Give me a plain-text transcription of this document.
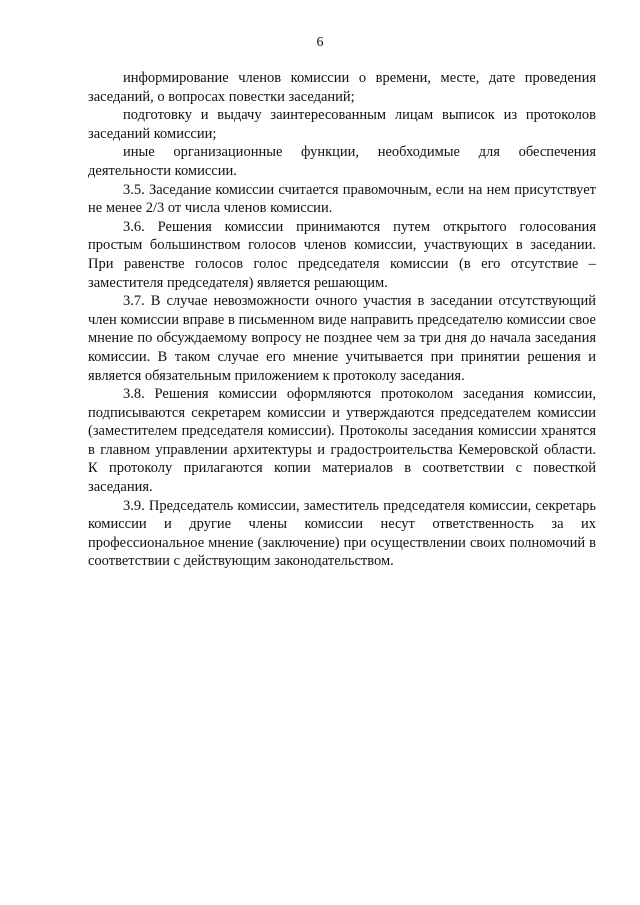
6

информирование членов комиссии о времени, месте, дате проведения заседаний, о вопросах повестки заседаний;

подготовку и выдачу заинтересованным лицам выписок из протоколов заседаний комиссии;

иные организационные функции, необходимые для обеспечения деятельности комиссии.

3.5. Заседание комиссии считается правомочным, если на нем присутствует не менее 2/3 от числа членов комиссии.

3.6. Решения комиссии принимаются путем открытого голосования простым большинством голосов членов комиссии, участвующих в заседании. При равенстве голосов голос председателя комиссии (в его отсутствие – заместителя председателя) является решающим.

3.7. В случае невозможности очного участия в заседании отсутствующий член комиссии вправе в письменном виде направить председателю комиссии свое мнение по обсуждаемому вопросу не позднее чем за три дня до начала заседания комиссии. В таком случае его мнение учитывается при принятии решения и является обязательным приложением к протоколу заседания.

3.8. Решения комиссии оформляются протоколом заседания комиссии, подписываются секретарем комиссии и утверждаются председателем комиссии (заместителем председателя комиссии). Протоколы заседания комиссии хранятся в главном управлении архитектуры и градостроительства Кемеровской области. К протоколу прилагаются копии материалов в соответствии с повесткой заседания.

3.9. Председатель комиссии, заместитель председателя комиссии, секретарь комиссии и другие члены комиссии несут ответственность за их профессиональное мнение (заключение) при осуществлении своих полномочий в соответствии с действующим законодательством.
